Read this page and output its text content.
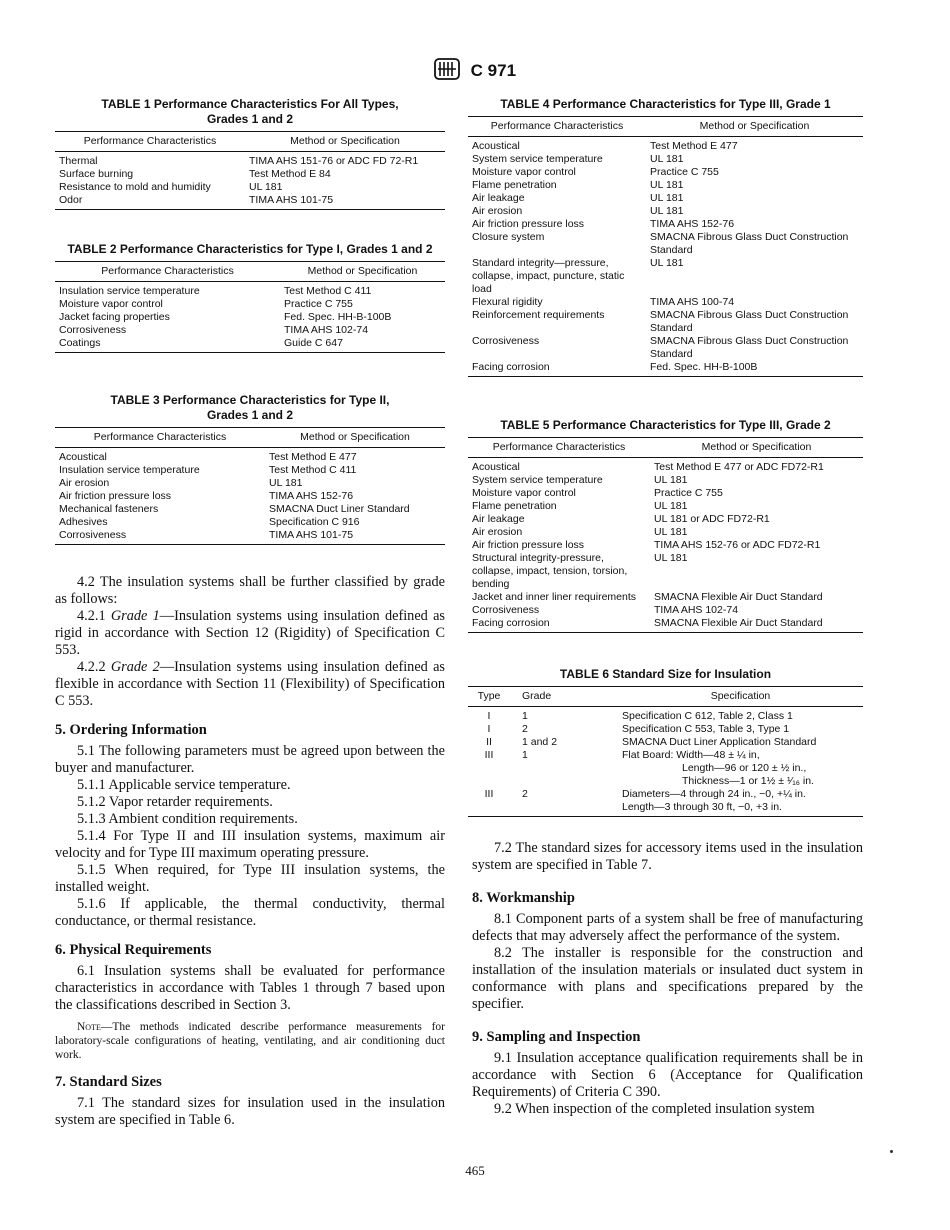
C 971
TABLE 1 Performance Characteristics For All Types,
Grades 1 and 2
Performance Characteristics	Method or Specification
Thermal	TIMA AHS 151-76 or ADC FD 72-R1
Surface burning	Test Method E 84
Resistance to mold and humidity	UL 181
Odor	TIMA AHS 101-75
TABLE 2 Performance Characteristics for Type I, Grades 1 and 2
Performance Characteristics	Method or Specification
Insulation service temperature	Test Method C 411
Moisture vapor control	Practice C 755
Jacket facing properties	Fed. Spec. HH-B-100B
Corrosiveness	TIMA AHS 102-74
Coatings	Guide C 647
TABLE 3 Performance Characteristics for Type II,
Grades 1 and 2
Performance Characteristics	Method or Specification
Acoustical	Test Method E 477
Insulation service temperature	Test Method C 411
Air erosion	UL 181
Air friction pressure loss	TIMA AHS 152-76
Mechanical fasteners	SMACNA Duct Liner Standard
Adhesives	Specification C 916
Corrosiveness	TIMA AHS 101-75

4.2 The insulation systems shall be further classified by grade as follows:

4.2.1 Grade 1—Insulation systems using insulation defined as rigid in accordance with Section 12 (Rigidity) of Specification C 553.

4.2.2 Grade 2—Insulation systems using insulation defined as flexible in accordance with Section 11 (Flexibility) of Specification C 553.

5. Ordering Information

5.1 The following parameters must be agreed upon between the buyer and manufacturer.

5.1.1 Applicable service temperature.

5.1.2 Vapor retarder requirements.

5.1.3 Ambient condition requirements.

5.1.4 For Type II and III insulation systems, maximum air velocity and for Type III maximum operating pressure.

5.1.5 When required, for Type III insulation systems, the installed weight.

5.1.6 If applicable, the thermal conductivity, thermal conductance, or thermal resistance.

6. Physical Requirements

6.1 Insulation systems shall be evaluated for performance characteristics in accordance with Tables 1 through 7 based upon the classifications described in Section 3.

Note—The methods indicated describe performance measurements for laboratory-scale configurations of heating, ventilating, and air conditioning duct work.

7. Standard Sizes

7.1 The standard sizes for insulation used in the insulation system are specified in Table 6.

TABLE 4 Performance Characteristics for Type III, Grade 1
Performance Characteristics	Method or Specification
Acoustical	Test Method E 477
System service temperature	UL 181
Moisture vapor control	Practice C 755
Flame penetration	UL 181
Air leakage	UL 181
Air erosion	UL 181
Air friction pressure loss	TIMA AHS 152-76
Closure system	SMACNA Fibrous Glass Duct Construction Standard
Standard integrity—pressure, collapse, impact, puncture, static load	UL 181
Flexural rigidity	TIMA AHS 100-74
Reinforcement requirements	SMACNA Fibrous Glass Duct Construction Standard
Corrosiveness	SMACNA Fibrous Glass Duct Construction Standard
Facing corrosion	Fed. Spec. HH-B-100B
TABLE 5 Performance Characteristics for Type III, Grade 2
Performance Characteristics	Method or Specification
Acoustical	Test Method E 477 or ADC FD72-R1
System service temperature	UL 181
Moisture vapor control	Practice C 755
Flame penetration	UL 181
Air leakage	UL 181 or ADC FD72-R1
Air erosion	UL 181
Air friction pressure loss	TIMA AHS 152-76 or ADC FD72-R1
Structural integrity-pressure, collapse, impact, tension, torsion, bending	UL 181
Jacket and inner liner requirements	SMACNA Flexible Air Duct Standard
Corrosiveness	TIMA AHS 102-74
Facing corrosion	SMACNA Flexible Air Duct Standard
TABLE 6 Standard Size for Insulation
Type	Grade	Specification
I	1	Specification C 612, Table 2, Class 1

I	2	Specification C 553, Table 3, Type 1

II	1 and 2	SMACNA Duct Liner Application Standard

III	1	Flat Board: Width—48 ± ¼ in,
Length—96 or 120 ± ½ in.,
Thickness—1 or 1½ ± ¹⁄₁₆ in.

III	2	Diameters—4 through 24 in., −0, +¼ in.
Length—3 through 30 ft, −0, +3 in.

7.2 The standard sizes for accessory items used in the insulation system are specified in Table 7.

8. Workmanship

8.1 Component parts of a system shall be free of manufacturing defects that may adversely affect the performance of the system.

8.2 The installer is responsible for the construction and installation of the insulation materials or insulated duct system in conformance with plans and specifications prepared by the specifier.

9. Sampling and Inspection

9.1 Insulation acceptance qualification requirements shall be in accordance with Section 6 (Acceptance for Qualification Requirements) of Criteria C 390.

9.2 When inspection of the completed insulation system

465
